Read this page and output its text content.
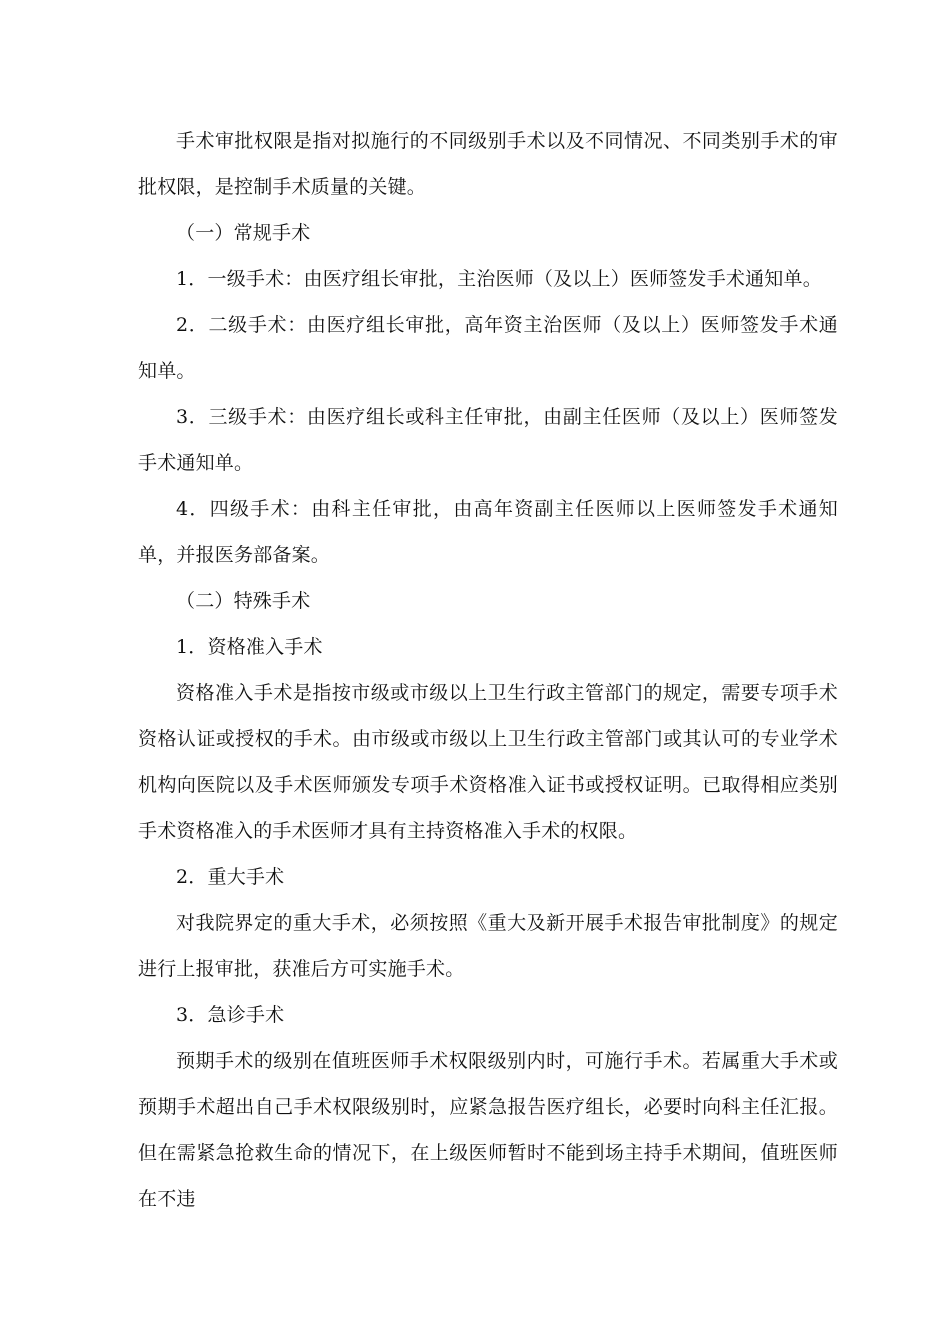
手术审批权限是指对拟施行的不同级别手术以及不同情况、不同类别手术的审批权限，是控制手术质量的关键。

（一）常规手术

1．一级手术：由医疗组长审批，主治医师（及以上）医师签发手术通知单。

2．二级手术：由医疗组长审批，高年资主治医师（及以上）医师签发手术通知单。

3．三级手术：由医疗组长或科主任审批，由副主任医师（及以上）医师签发手术通知单。

4．四级手术：由科主任审批，由高年资副主任医师以上医师签发手术通知单，并报医务部备案。

（二）特殊手术

1．资格准入手术

资格准入手术是指按市级或市级以上卫生行政主管部门的规定，需要专项手术资格认证或授权的手术。由市级或市级以上卫生行政主管部门或其认可的专业学术机构向医院以及手术医师颁发专项手术资格准入证书或授权证明。已取得相应类别手术资格准入的手术医师才具有主持资格准入手术的权限。

2．重大手术

对我院界定的重大手术，必须按照《重大及新开展手术报告审批制度》的规定进行上报审批，获准后方可实施手术。

3．急诊手术

预期手术的级别在值班医师手术权限级别内时，可施行手术。若属重大手术或预期手术超出自己手术权限级别时，应紧急报告医疗组长，必要时向科主任汇报。但在需紧急抢救生命的情况下，在上级医师暂时不能到场主持手术期间，值班医师在不违
